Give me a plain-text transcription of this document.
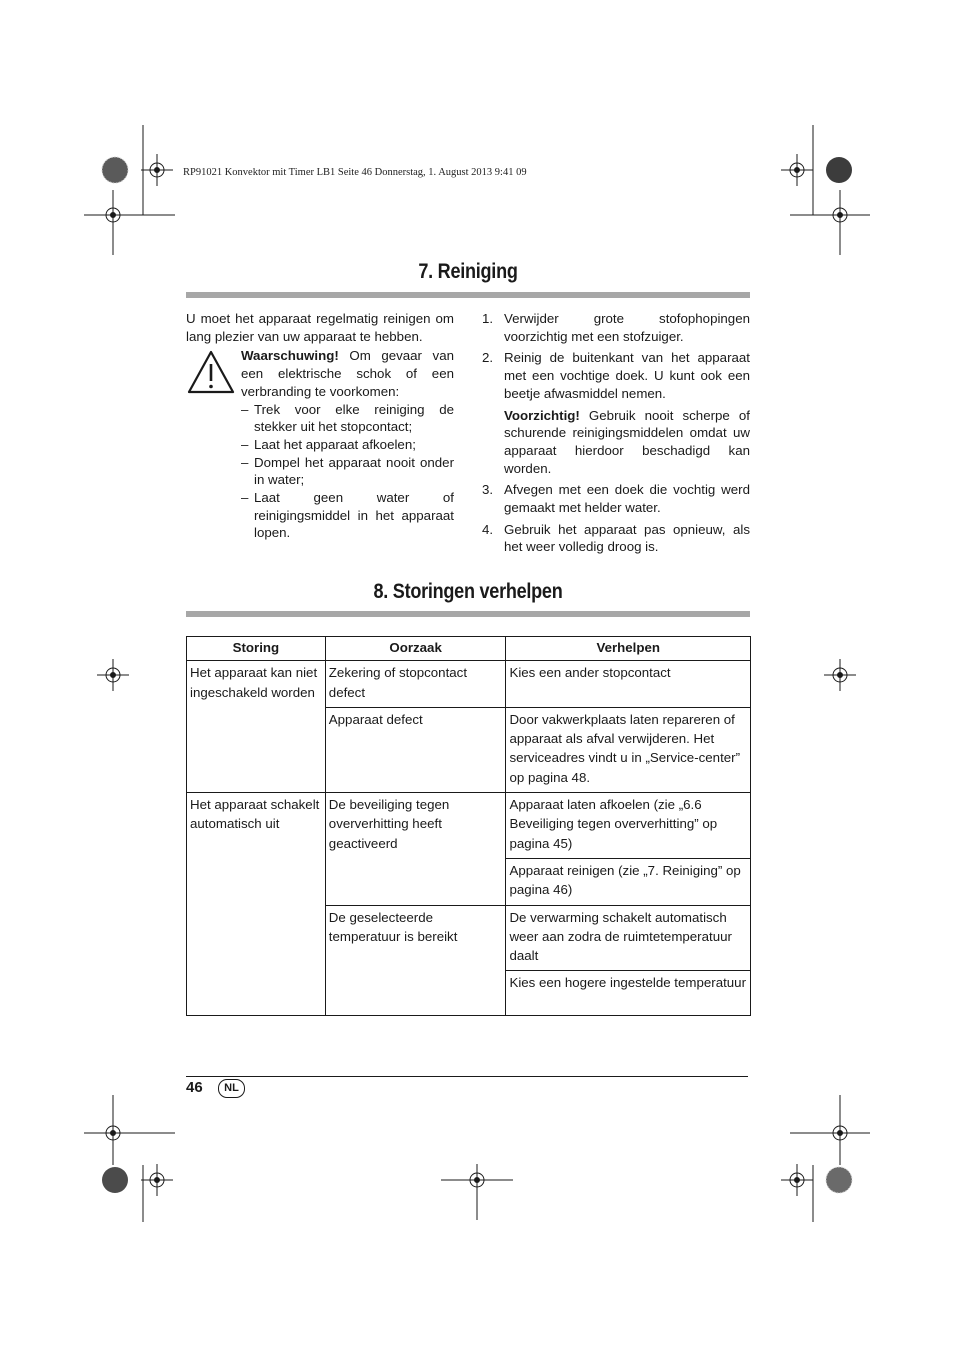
RP91021 Konvektor mit Timer LB1 Seite 46 Donnerstag, 1. August 2013 9:41 09
7. Reiniging
U moet het apparaat regelmatig reinigen om lang plezier van uw apparaat te hebben.
Waarschuwing! Om gevaar van een elektrische schok of een verbranding te voorkomen:
– Trek voor elke reiniging de stekker uit het stopcontact;
– Laat het apparaat afkoelen;
– Dompel het apparaat nooit onder in water;
– Laat geen water of reinigingsmiddel in het apparaat lopen.
1. Verwijder grote stofophopingen voorzichtig met een stofzuiger.
2. Reinig de buitenkant van het apparaat met een vochtige doek. U kunt ook een beetje afwasmiddel nemen.
Voorzichtig! Gebruik nooit scherpe of schurende reinigingsmiddelen omdat uw apparaat hierdoor beschadigd kan worden.
3. Afvegen met een doek die vochtig werd gemaakt met helder water.
4. Gebruik het apparaat pas opnieuw, als het weer volledig droog is.
8. Storingen verhelpen
Storing	Oorzaak	Verhelpen
Het apparaat kan niet ingeschakeld worden	Zekering of stopcontact defect	Kies een ander stopcontact
	Apparaat defect	Door vakwerkplaats laten repareren of apparaat als afval verwijderen. Het serviceadres vindt u in „Service-center” op pagina 48.
Het apparaat schakelt automatisch uit	De beveiliging tegen oververhitting heeft geactiveerd	Apparaat laten afkoelen (zie „6.6 Beveiliging tegen oververhitting” op pagina 45)
		Apparaat reinigen (zie „7. Reiniging” op pagina 46)
	De geselecteerde temperatuur is bereikt	De verwarming schakelt automatisch weer aan zodra de ruimtetemperatuur daalt
		Kies een hogere ingestelde temperatuur
46	NL
